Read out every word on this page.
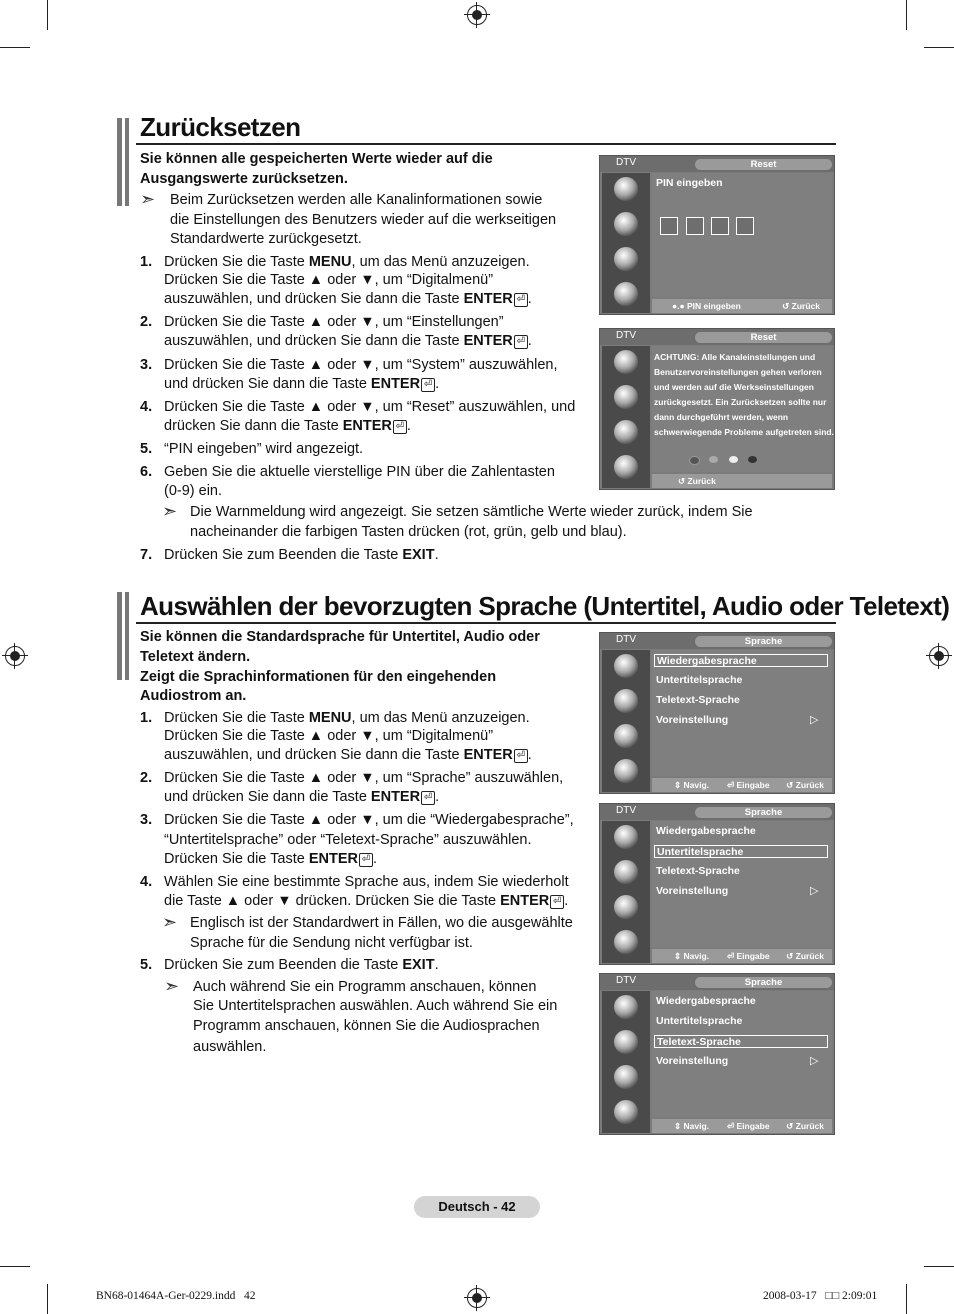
Zurücksetzen
Sie können alle gespeicherten Werte wieder auf die
Ausgangswerte zurücksetzen.
➣ Beim Zurücksetzen werden alle Kanalinformationen sowie
die Einstellungen des Benutzers wieder auf die werkseitigen
Standardwerte zurückgesetzt.
1. Drücken Sie die Taste MENU, um das Menü anzuzeigen.
Drücken Sie die Taste ▲ oder ▼, um “Digitalmenü”
auszuwählen, und drücken Sie dann die Taste ENTER ⏎ .
2. Drücken Sie die Taste ▲ oder ▼, um “Einstellungen”
auszuwählen, und drücken Sie dann die Taste ENTER ⏎ .
3. Drücken Sie die Taste ▲ oder ▼, um “System” auszuwählen,
und drücken Sie dann die Taste ENTER ⏎ .
4. Drücken Sie die Taste ▲ oder ▼, um “Reset” auszuwählen, und
drücken Sie dann die Taste ENTER ⏎ .
5. “PIN eingeben” wird angezeigt.
6. Geben Sie die aktuelle vierstellige PIN über die Zahlentasten
(0-9) ein.
➣ Die Warnmeldung wird angezeigt. Sie setzen sämtliche Werte wieder zurück, indem Sie
nacheinander die farbigen Tasten drücken (rot, grün, gelb und blau).
7. Drücken Sie zum Beenden die Taste EXIT.
DTV	Reset
PIN eingeben
●.● PIN eingeben	↺ Zurück
DTV	Reset
ACHTUNG: Alle Kanaleinstellungen und Benutzervoreinstellungen gehen verloren und werden auf die Werkseinstellungen zurückgesetzt. Ein Zurücksetzen sollte nur dann durchgeführt werden, wenn schwerwiegende Probleme aufgetreten sind.
↺ Zurück
Auswählen der bevorzugten Sprache (Untertitel, Audio oder Teletext)
Sie können die Standardsprache für Untertitel, Audio oder
Teletext ändern.
Zeigt die Sprachinformationen für den eingehenden
Audiostrom an.
1. Drücken Sie die Taste MENU, um das Menü anzuzeigen.
Drücken Sie die Taste ▲ oder ▼, um “Digitalmenü”
auszuwählen, und drücken Sie dann die Taste ENTER ⏎ .
2. Drücken Sie die Taste ▲ oder ▼, um “Sprache” auszuwählen,
und drücken Sie dann die Taste ENTER ⏎ .
3. Drücken Sie die Taste ▲ oder ▼, um die “Wiedergabesprache”,
“Untertitelsprache” oder “Teletext-Sprache” auszuwählen.
Drücken Sie die Taste ENTER ⏎ .
4. Wählen Sie eine bestimmte Sprache aus, indem Sie wiederholt
die Taste ▲ oder ▼ drücken. Drücken Sie die Taste ENTER ⏎ .
➣ Englisch ist der Standardwert in Fällen, wo die ausgewählte
Sprache für die Sendung nicht verfügbar ist.
5. Drücken Sie zum Beenden die Taste EXIT.
➣ Auch während Sie ein Programm anschauen, können
Sie Untertitelsprachen auswählen. Auch während Sie ein
Programm anschauen, können Sie die Audiosprachen
auswählen.
DTV	Sprache
Wiedergabesprache
Untertitelsprache
Teletext-Sprache
Voreinstellung	▷
⇕ Navig. ⏎ Eingabe ↺ Zurück
DTV	Sprache
Wiedergabesprache
Untertitelsprache
Teletext-Sprache
Voreinstellung	▷
⇕ Navig. ⏎ Eingabe ↺ Zurück
DTV	Sprache
Wiedergabesprache
Untertitelsprache
Teletext-Sprache
Voreinstellung	▷
⇕ Navig. ⏎ Eingabe ↺ Zurück
Deutsch - 42
BN68-01464A-Ger-0229.indd   42	2008-03-17   □□ 2:09:01
